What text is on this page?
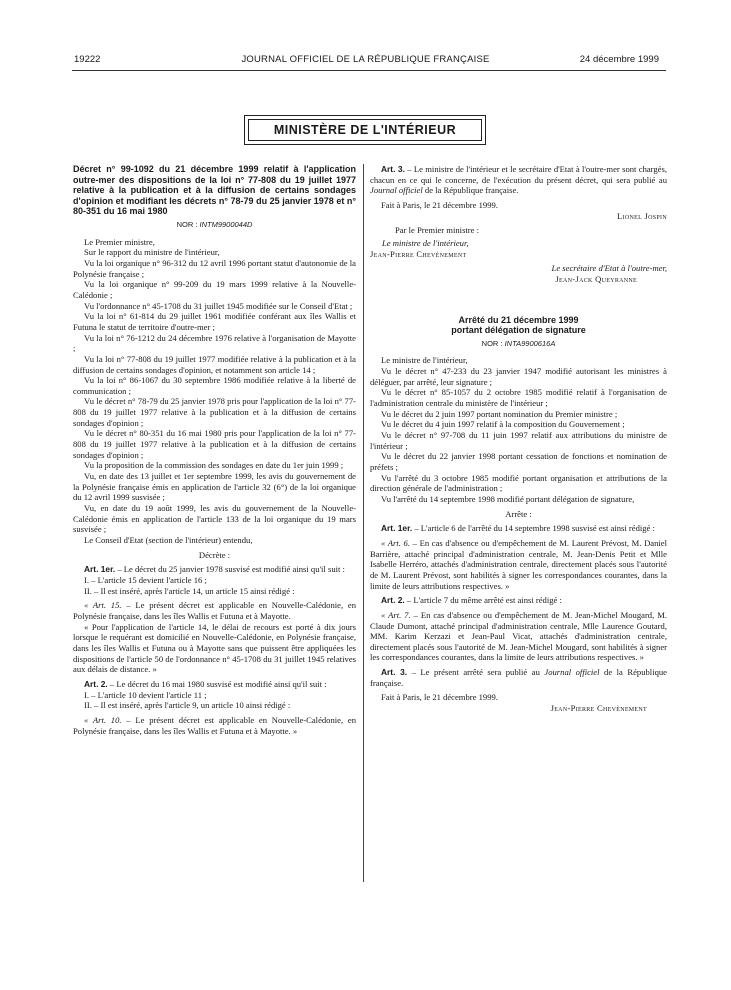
19222	JOURNAL OFFICIEL DE LA RÉPUBLIQUE FRANÇAISE	24 décembre 1999
MINISTÈRE DE L'INTÉRIEUR

Décret n° 99-1092 du 21 décembre 1999 relatif à l'application outre-mer des dispositions de la loi n° 77-808 du 19 juillet 1977 relative à la publication et à la diffusion de certains sondages d'opinion et modifiant les décrets n° 78-79 du 25 janvier 1978 et n° 80-351 du 16 mai 1980

NOR : INTM9900044D

Le Premier ministre,

Sur le rapport du ministre de l'intérieur,

Vu la loi organique n° 96-312 du 12 avril 1996 portant statut d'autonomie de la Polynésie française ;

Vu la loi organique n° 99-209 du 19 mars 1999 relative à la Nouvelle-Calédonie ;

Vu l'ordonnance n° 45-1708 du 31 juillet 1945 modifiée sur le Conseil d'Etat ;

Vu la loi n° 61-814 du 29 juillet 1961 modifiée conférant aux îles Wallis et Futuna le statut de territoire d'outre-mer ;

Vu la loi n° 76-1212 du 24 décembre 1976 relative à l'organisation de Mayotte ;

Vu la loi n° 77-808 du 19 juillet 1977 modifiée relative à la publication et à la diffusion de certains sondages d'opinion, et notamment son article 14 ;

Vu la loi n° 86-1067 du 30 septembre 1986 modifiée relative à la liberté de communication ;

Vu le décret n° 78-79 du 25 janvier 1978 pris pour l'application de la loi n° 77-808 du 19 juillet 1977 relative à la publication et à la diffusion de certains sondages d'opinion ;

Vu le décret n° 80-351 du 16 mai 1980 pris pour l'application de la loi n° 77-808 du 19 juillet 1977 relative à la publication et à la diffusion de certains sondages d'opinion ;

Vu la proposition de la commission des sondages en date du 1er juin 1999 ;

Vu, en date des 13 juillet et 1er septembre 1999, les avis du gouvernement de la Polynésie française émis en application de l'article 32 (6°) de la loi organique du 12 avril 1999 susvisée ;

Vu, en date du 19 août 1999, les avis du gouvernement de la Nouvelle-Calédonie émis en application de l'article 133 de la loi organique du 19 mars susvisée ;

Le Conseil d'Etat (section de l'intérieur) entendu,

Décrète :

Art. 1er. – Le décret du 25 janvier 1978 susvisé est modifié ainsi qu'il suit :

I. – L'article 15 devient l'article 16 ;

II. – Il est inséré, après l'article 14, un article 15 ainsi rédigé :

« Art. 15. – Le présent décret est applicable en Nouvelle-Calédonie, en Polynésie française, dans les îles Wallis et Futuna et à Mayotte.

« Pour l'application de l'article 14, le délai de recours est porté à dix jours lorsque le requérant est domicilié en Nouvelle-Calédonie, en Polynésie française, dans les îles Wallis et Futuna ou à Mayotte sans que puissent être appliquées les dispositions de l'article 50 de l'ordonnance n° 45-1708 du 31 juillet 1945 relatives aux délais de distance. »

Art. 2. – Le décret du 16 mai 1980 susvisé est modifié ainsi qu'il suit :

I. – L'article 10 devient l'article 11 ;

II. – Il est inséré, après l'article 9, un article 10 ainsi rédigé :

« Art. 10. – Le présent décret est applicable en Nouvelle-Calédonie, en Polynésie française, dans les îles Wallis et Futuna et à Mayotte. »

Art. 3. – Le ministre de l'intérieur et le secrétaire d'Etat à l'outre-mer sont chargés, chacun en ce qui le concerne, de l'exécution du présent décret, qui sera publié au Journal officiel de la République française.

Fait à Paris, le 21 décembre 1999.

Lionel Jospin

Par le Premier ministre :

Le ministre de l'intérieur,

Jean-Pierre Chevènement

Le secrétaire d'Etat à l'outre-mer,

Jean-Jack Queyranne

Arrêté du 21 décembre 1999

portant délégation de signature

NOR : INTA9900616A

Le ministre de l'intérieur,

Vu le décret n° 47-233 du 23 janvier 1947 modifié autorisant les ministres à déléguer, par arrêté, leur signature ;

Vu le décret n° 85-1057 du 2 octobre 1985 modifié relatif à l'organisation de l'administration centrale du ministère de l'intérieur ;

Vu le décret du 2 juin 1997 portant nomination du Premier ministre ;

Vu le décret du 4 juin 1997 relatif à la composition du Gouvernement ;

Vu le décret n° 97-708 du 11 juin 1997 relatif aux attributions du ministre de l'intérieur ;

Vu le décret du 22 janvier 1998 portant cessation de fonctions et nomination de préfets ;

Vu l'arrêté du 3 octobre 1985 modifié portant organisation et attributions de la direction générale de l'administration ;

Vu l'arrêté du 14 septembre 1998 modifié portant délégation de signature,

Arrête :

Art. 1er. – L'article 6 de l'arrêté du 14 septembre 1998 susvisé est ainsi rédigé :

« Art. 6. – En cas d'absence ou d'empêchement de M. Laurent Prévost, M. Daniel Barrière, attaché principal d'administration centrale, M. Jean-Denis Petit et Mlle Isabelle Herréro, attachés d'administration centrale, directement placés sous l'autorité de M. Laurent Prévost, sont habilités à signer les correspondances courantes, dans la limite de leurs attributions respectives. »

Art. 2. – L'article 7 du même arrêté est ainsi rédigé :

« Art. 7. – En cas d'absence ou d'empêchement de M. Jean-Michel Mougard, M. Claude Dumont, attaché principal d'administration centrale, Mlle Laurence Goutard, MM. Karim Kerzazi et Jean-Paul Vicat, attachés d'administration centrale, directement placés sous l'autorité de M. Jean-Michel Mougard, sont habilités à signer les correspondances courantes, dans la limite de leurs attributions respectives. »

Art. 3. – Le présent arrêté sera publié au Journal officiel de la République française.

Fait à Paris, le 21 décembre 1999.

Jean-Pierre Chevènement
